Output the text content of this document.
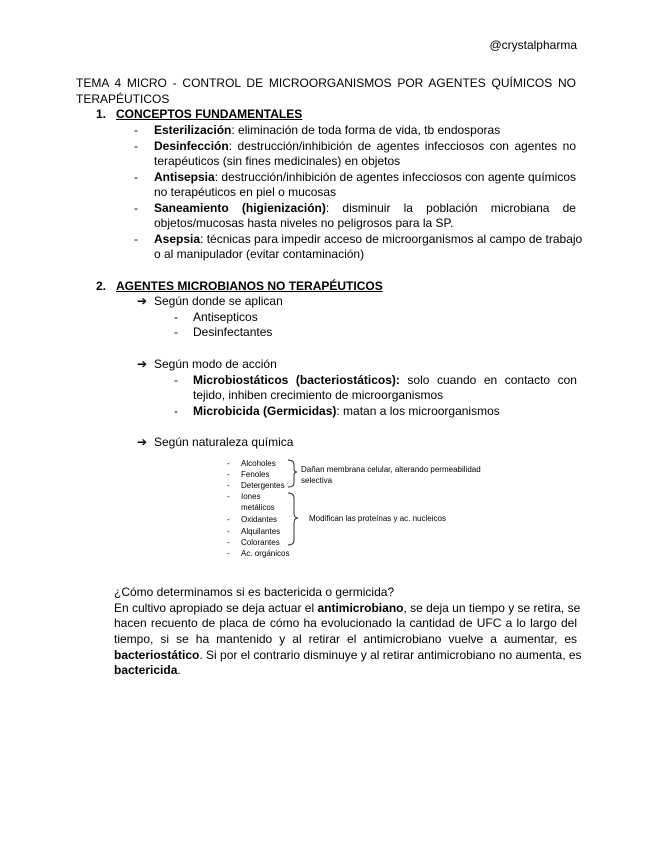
@crystalpharma
TEMA 4 MICRO - CONTROL DE MICROORGANISMOS POR AGENTES QUÍMICOS NO
TERAPÉUTICOS
1. CONCEPTOS FUNDAMENTALES
- Esterilización: eliminación de toda forma de vida, tb endosporas
- Desinfección: destrucción/inhibición de agentes infecciosos con agentes no
terapéuticos (sin fines medicinales) en objetos
- Antisepsia: destrucción/inhibición de agentes infecciosos con agente químicos
no terapéuticos en piel o mucosas
- Saneamiento (higienización): disminuir la población microbiana de
objetos/mucosas hasta niveles no peligrosos para la SP.
- Asepsia: técnicas para impedir acceso de microorganismos al campo de trabajo
o al manipulador (evitar contaminación)
2. AGENTES MICROBIANOS NO TERAPÉUTICOS
➔ Según donde se aplican
- Antisepticos
- Desinfectantes
➔ Según modo de acción
- Microbiostáticos (bacteriostáticos): solo cuando en contacto con
tejido, inhiben crecimiento de microorganismos
- Microbicida (Germicidas): matan a los microorganismos
➔ Según naturaleza química
- Alcoholes
- Fenoles
- Detergentes
- Iones
metálicos
- Oxidantes
- Alquilantes
- Colorantes
- Ac. orgánicos
Dañan membrana celular, alterando permeabilidad
selectiva
Modifican las proteínas y ac. nucleicos
¿Cómo determinamos si es bactericida o germicida?
En cultivo apropiado se deja actuar el antimicrobiano, se deja un tiempo y se retira, se
hacen recuento de placa de cómo ha evolucionado la cantidad de UFC a lo largo del
tiempo, si se ha mantenido y al retirar el antimicrobiano vuelve a aumentar, es
bacteriostático. Si por el contrario disminuye y al retirar antimicrobiano no aumenta, es
bactericida.
